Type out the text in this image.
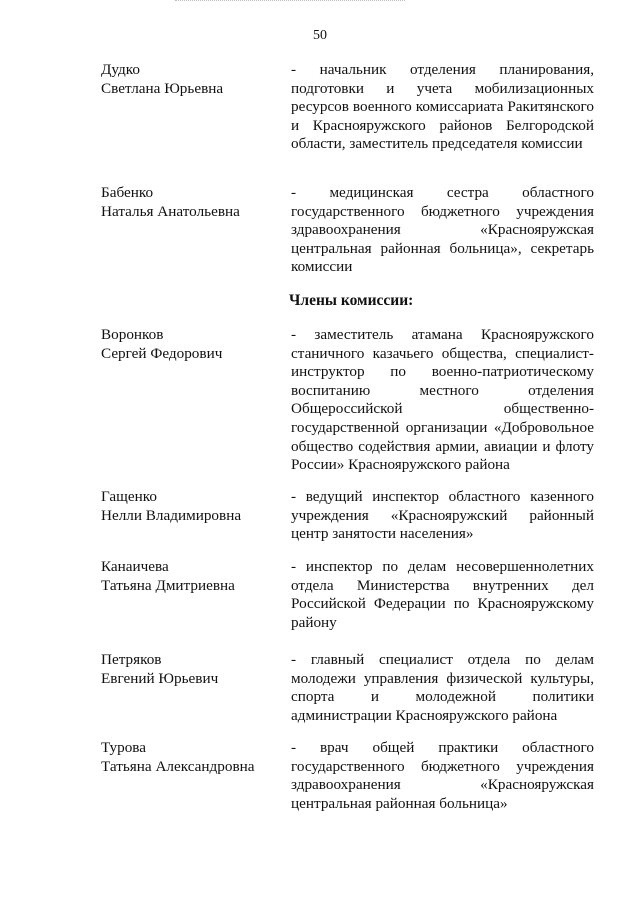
50
Дудко
Светлана Юрьевна
- начальник отделения планирования, подготовки и учета мобилизационных ресурсов военного комиссариата Ракитянского и Краснояружского районов Белгородской области, заместитель председателя комиссии
Бабенко
Наталья Анатольевна
- медицинская сестра областного государственного бюджетного учреждения здравоохранения «Краснояружская центральная районная больница», секретарь комиссии
Члены комиссии:
Воронков
Сергей Федорович
- заместитель атамана Краснояружского станичного казачьего общества, специалист-инструктор по военно-патриотическому воспитанию местного отделения Общероссийской общественно-государственной организации «Добровольное общество содействия армии, авиации и флоту России» Краснояружского района
Гащенко
Нелли Владимировна
- ведущий инспектор областного казенного учреждения «Краснояружский районный центр занятости населения»
Канаичева
Татьяна Дмитриевна
- инспектор по делам несовершеннолетних отдела Министерства внутренних дел Российской Федерации по Краснояружскому району
Петряков
Евгений Юрьевич
- главный специалист отдела по делам молодежи управления физической культуры, спорта и молодежной политики администрации Краснояружского района
Турова
Татьяна Александровна
- врач общей практики областного государственного бюджетного учреждения здравоохранения «Краснояружская центральная районная больница»
